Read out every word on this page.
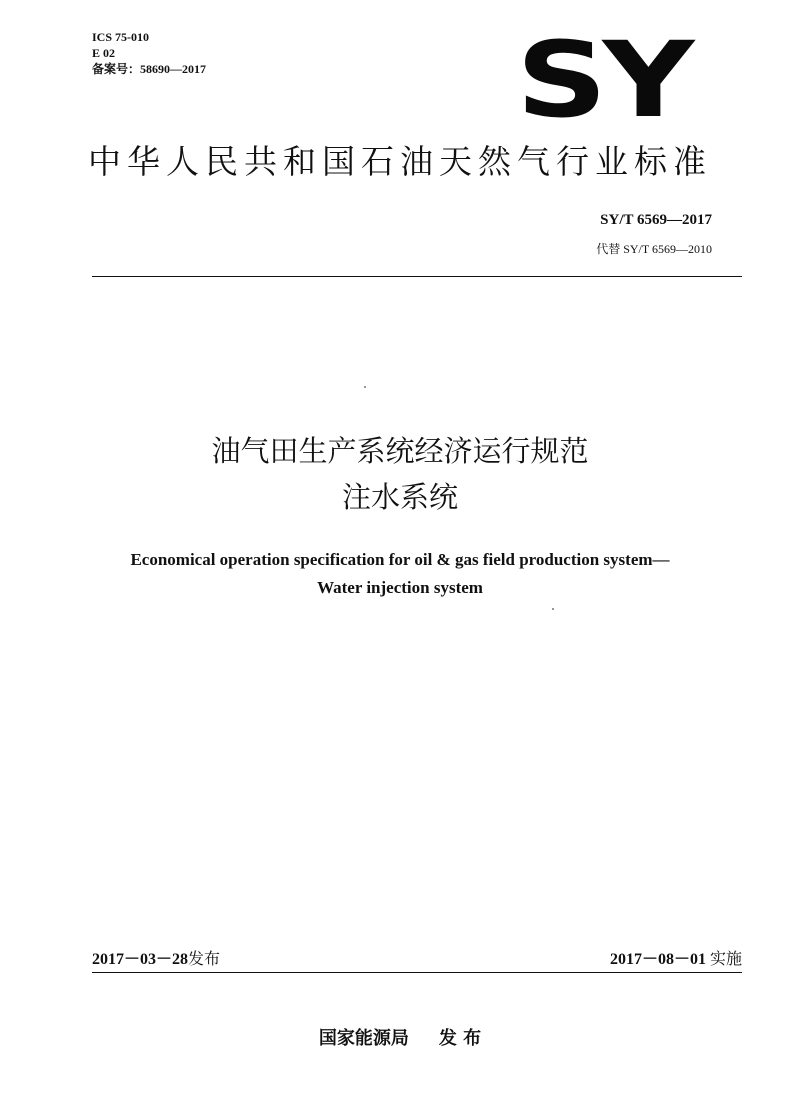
ICS 75-010
E 02
备案号：58690—2017	SY
中华人民共和国石油天然气行业标准
SY/T 6569—2017
代替 SY/T 6569—2010
油气田生产系统经济运行规范
注水系统
Economical operation specification for oil & gas field production system—
Water injection system
2017－03－28发布	2017－08－01 实施
国家能源局 发 布
